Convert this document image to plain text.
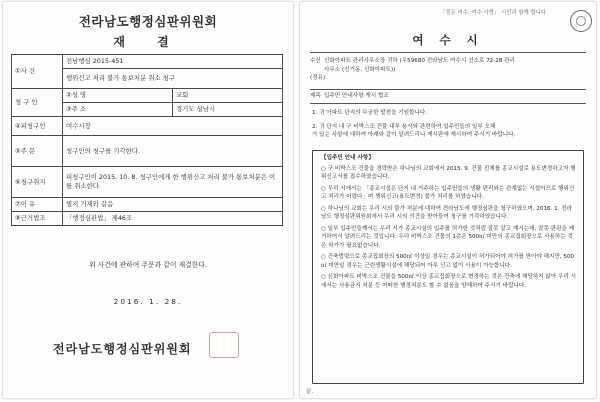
전라남도행정심판위원회
재 결
①사 건	전남행심 2015-451	
	행위신고 처리 불가 통보처분 취소 청구	
청 구 인	②성 명	교회
	③주 소	경기도 성남시
④피청구인	여수시장	
⑤주 문	청구인의 청구를 기각한다.	
⑥청구취지	피청구인이 2015. 10. 8. 청구인에게 한 행위신고 처리 불가 통보처분은 이를 취소한다.	
⑦이 유	별지 기재와 같음	
⑧근거법조	「행정심판법」 제46조	
위 사건에 관하여 주문과 같이 재결한다.
2016. 1. 28.
전라남도행정심판위원회
「정든 여수, 여수 사랑」 시민과 함께 합니다
여 수 시
수신 신화아파트 관리사무소장 귀하 (우59680 전라남도 여수시 선소로 72-28 관리
사무소 (신기동, 신화아파트))
(경유)
제목 입주민 안내사항 게시 협조
1. 귀 아파트 단지의 무궁한 발전을 기원합니다.
2. 귀 단지 내 구 비박스조 건물 내부 용사와 관련하여 입주민들의 일부 오해
가 있는 사항에 대하여 아래와 같이 알려드리니 게시판에 게시하여 주시기 바랍니다.
【입주민 안내 사항】

○ 구 비박스조 건물을 경락받은 하나님의 교회에서 2015. 9. 건물 진체를 종교시설로 용도변경하고자 행위신고서를 접수하였습니다.

○ 우리 시에서는 「종교시설은 단지 내 거주하는 입주민들의 생활 편리와는 관계없는 시설이므로 행위신고 처리가 어렵다」며 행위신고(용도변경) 불가 처리를 하였습니다.

○ 하나님의 교회는 우리 시의 불가 처분에 대하여 전라남도에 행정심판을 청구하였으며, 2016. 1. 전라남도 행정심판위원회에서 우리 시의 의견을 받아들여 청구를 기각하였습니다.

○ 일부 입주민들께서는 우리 시가 종교시설의 입주를 허가한 것처럼 잘못 알고 계시는데, 잘못 판된을 제거하여서 알려드리는 것입니다. 우리 비박스조 건물의 1층은 500㎡ 미만의 종교집회장으로 사용하는 것은 허가가 필요없습니다.

○ 건축법령으로 종교집회장의 500㎡ 이상일 경우는 종교시설이 허가되어야 허가를 받아야 해지만, 500㎡ 미만일 경우는 근린생활시설에 해당되어 아무 신고 없이 사용이 가능합니다.

○ 신화아파트 비박스조 건물을 500㎡ 이상 종교집회장으로 변경하는 것은 건축에 해당하지 않아 우리 시에서는 사용금지 처분 등 어떠한 행정처분도 할 수 없음을 양해하여 주시기 바랍니다.

끝.
